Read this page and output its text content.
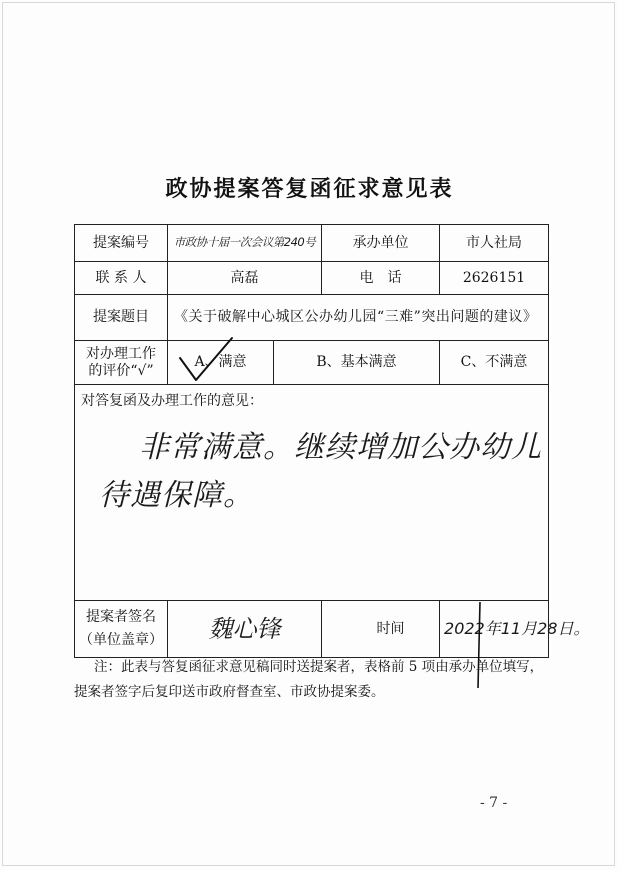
政协提案答复函征求意见表
提案编号	市政协十届一次会议第240号		承办单位	市人社局
联 系 人	高磊		电　话	2626151
提案题目	《关于破解中心城区公办幼儿园“三难”突出问题的建议》			

对办理工作
的评价“√”	A、满意	B、基本满意		C、不满意

对答复函及办理工作的意见：
非常满意。继续增加公办幼儿
待遇保障。				

提案者签名
（单位盖章）	魏心锋		时间	2022年11月28日。
注：此表与答复函征求意见稿同时送提案者，表格前 5 项由承办单位填写，提案者签字后复印送市政府督查室、市政协提案委。
- 7 -
